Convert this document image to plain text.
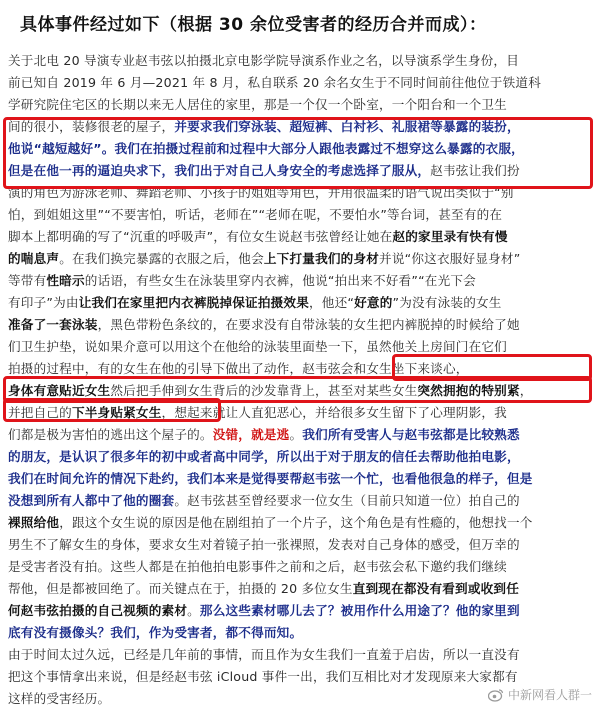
具体事件经过如下（根据 30 余位受害者的经历合并而成）：
关于北电 20 导演专业赵韦弦以拍摄北京电影学院导演系作业之名，以导演系学生身份，目
前已知自 2019 年 6 月—2021 年 8 月，私自联系 20 余名女生于不同时间前往他位于铁道科
学研究院住宅区的长期以来无人居住的家里，那是一个仅一个卧室，一个阳台和一个卫生
间的很小，装修很老的屋子，并要求我们穿泳装、超短裤、白衬衫、礼服裙等暴露的装扮，
他说“越短越好”。我们在拍摄过程前和过程中大部分人跟他表露过不想穿这么暴露的衣服，
但是在他一再的逼迫央求下，我们出于对自己人身安全的考虑选择了服从，赵韦弦让我们扮
演的角色为游泳老师、舞蹈老师、小孩子的姐姐等角色，并用很温柔的语气说出类似于“别
怕，到姐姐这里”“不要害怕，听话，老师在”“老师在呢，不要怕水”等台词，甚至有的在
脚本上都明确的写了“沉重的呼吸声”，有位女生说赵韦弦曾经让她在赵的家里录有快有慢
的喘息声。在我们换完暴露的衣服之后，他会上下打量我们的身材并说“你这衣服好显身材”
等带有性暗示的话语，有些女生在泳装里穿内衣裤，他说“拍出来不好看”“在光下会
有印子”为由让我们在家里把内衣裤脱掉保证拍摄效果，他还“好意的”为没有泳装的女生
准备了一套泳装，黑色带粉色条纹的，在要求没有自带泳装的女生把内裤脱掉的时候给了她
们卫生护垫，说如果介意可以用这个在他给的泳装里面垫一下，虽然他关上房间门在它们
拍摄的过程中，有的女生在他的引导下做出了动作，赵韦弦会和女生坐下来谈心，
身体有意贴近女生然后把手伸到女生背后的沙发靠背上，甚至对某些女生突然拥抱的特别紧，
并把自己的下半身贴紧女生，想起来就让人直犯恶心，并给很多女生留下了心理阴影，我
们都是极为害怕的逃出这个屋子的。没错，就是逃。我们所有受害人与赵韦弦都是比较熟悉
的朋友，是认识了很多年的初中或者高中同学，所以出于对于朋友的信任去帮助他拍电影，
我们在时间允许的情况下赴约，我们本来是觉得要帮赵韦弦一个忙，也看他很急的样子，但是
没想到所有人都中了他的圈套。赵韦弦甚至曾经要求一位女生（目前只知道一位）拍自己的
裸照给他，跟这个女生说的原因是他在剧组拍了一个片子，这个角色是有性瘾的，他想找一个
男生不了解女生的身体，要求女生对着镜子拍一张裸照，发表对自己身体的感受，但万幸的
是受害者没有拍。这些人都是在拍他拍电影事件之前和之后，赵韦弦会私下邀约我们继续
帮他，但是都被回绝了。而关键点在于，拍摄的 20 多位女生直到现在都没有看到或收到任
何赵韦弦拍摄的自己视频的素材。那么这些素材哪儿去了？被用作什么用途了？他的家里到
底有没有摄像头？我们，作为受害者，都不得而知。
由于时间太过久远，已经是几年前的事情，而且作为女生我们一直羞于启齿，所以一直没有
把这个事情拿出来说，但是经赵韦弦 iCloud 事件一出，我们互相比对才发现原来大家都有
这样的受害经历。	中新网看人群一
